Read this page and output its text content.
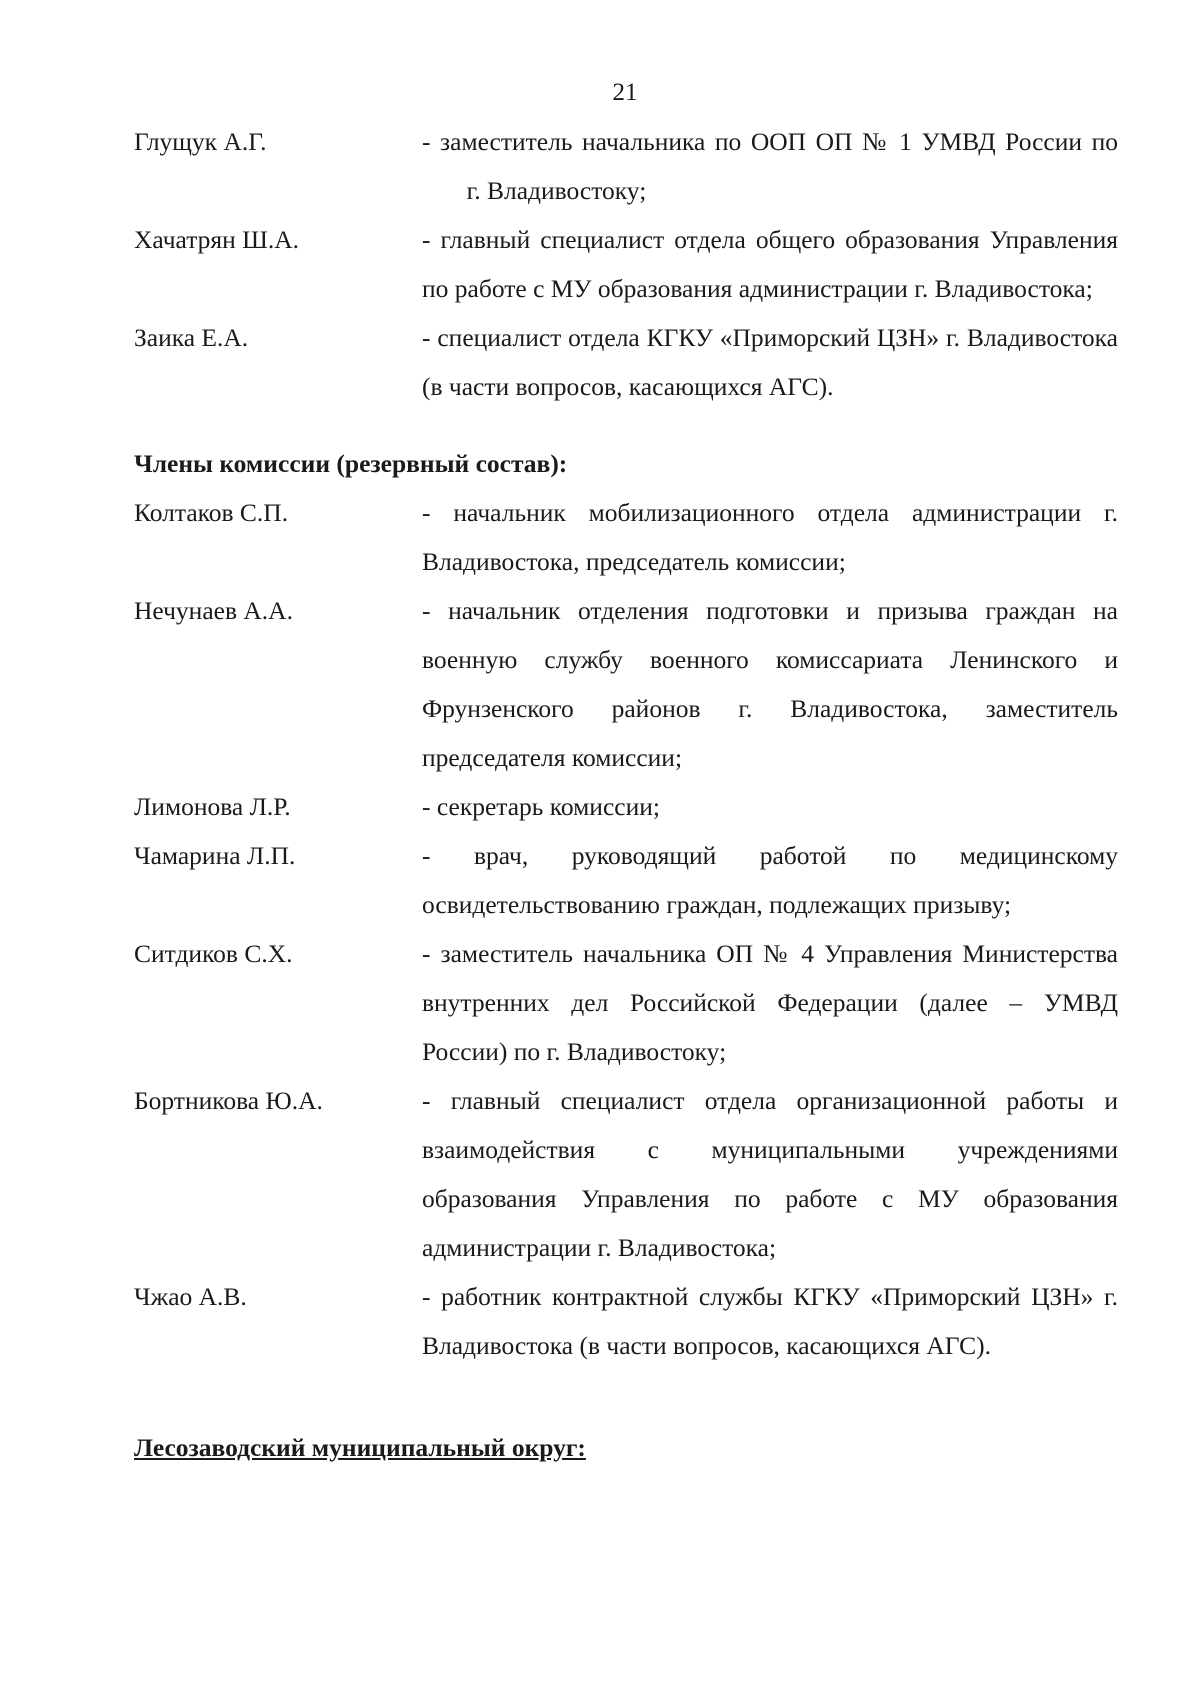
21
Глущук А.Г.	- заместитель начальника по ООП ОП № 1 УМВД России по        г. Владивостоку;
Хачатрян Ш.А.	- главный специалист отдела общего образования Управления по работе с МУ образования администрации г. Владивостока;
Заика Е.А.	- специалист отдела КГКУ «Приморский ЦЗН» г. Владивостока (в части вопросов, касающихся АГС).
Члены комиссии (резервный состав):
Колтаков С.П.	- начальник мобилизационного отдела администрации г. Владивостока, председатель комиссии;
Нечунаев А.А.	- начальник отделения подготовки и призыва граждан на военную службу военного комиссариата Ленинского и Фрунзенского районов г. Владивостока, заместитель председателя комиссии;
Лимонова Л.Р.	- секретарь комиссии;
Чамарина Л.П.	- врач, руководящий работой по медицинскому освидетельствованию граждан, подлежащих призыву;
Ситдиков С.Х.	- заместитель начальника ОП № 4 Управления Министерства внутренних дел Российской Федерации (далее – УМВД России) по г. Владивостоку;
Бортникова Ю.А.	- главный специалист отдела организационной работы и взаимодействия с муниципальными учреждениями образования Управления по работе с МУ образования администрации г. Владивостока;
Чжао А.В.	- работник контрактной службы КГКУ «Приморский ЦЗН» г. Владивостока (в части вопросов, касающихся АГС).
Лесозаводский муниципальный округ:
